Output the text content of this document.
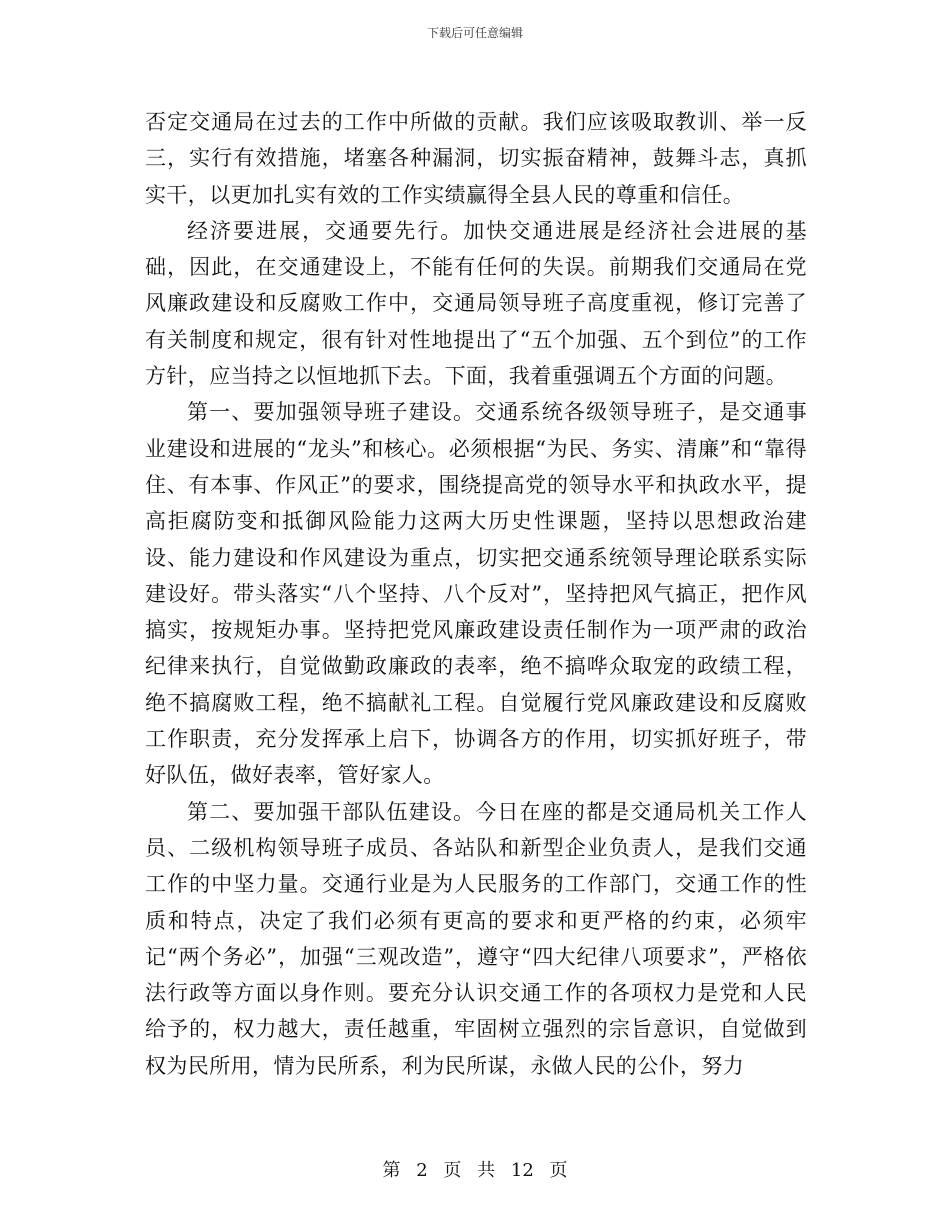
下载后可任意编辑

否定交通局在过去的工作中所做的贡献。我们应该吸取教训、举一反三，实行有效措施，堵塞各种漏洞，切实振奋精神，鼓舞斗志，真抓实干，以更加扎实有效的工作实绩赢得全县人民的尊重和信任。

经济要进展，交通要先行。加快交通进展是经济社会进展的基础，因此，在交通建设上，不能有任何的失误。前期我们交通局在党风廉政建设和反腐败工作中，交通局领导班子高度重视，修订完善了有关制度和规定，很有针对性地提出了“五个加强、五个到位”的工作方针，应当持之以恒地抓下去。下面，我着重强调五个方面的问题。

第一、要加强领导班子建设。交通系统各级领导班子，是交通事业建设和进展的“龙头”和核心。必须根据“为民、务实、清廉”和“靠得住、有本事、作风正”的要求，围绕提高党的领导水平和执政水平，提高拒腐防变和抵御风险能力这两大历史性课题，坚持以思想政治建设、能力建设和作风建设为重点，切实把交通系统领导理论联系实际建设好。带头落实“八个坚持、八个反对”，坚持把风气搞正，把作风搞实，按规矩办事。坚持把党风廉政建设责任制作为一项严肃的政治纪律来执行，自觉做勤政廉政的表率，绝不搞哗众取宠的政绩工程，绝不搞腐败工程，绝不搞献礼工程。自觉履行党风廉政建设和反腐败工作职责，充分发挥承上启下，协调各方的作用，切实抓好班子，带好队伍，做好表率，管好家人。

第二、要加强干部队伍建设。今日在座的都是交通局机关工作人员、二级机构领导班子成员、各站队和新型企业负责人，是我们交通工作的中坚力量。交通行业是为人民服务的工作部门，交通工作的性质和特点，决定了我们必须有更高的要求和更严格的约束，必须牢记“两个务必”，加强“三观改造”，遵守“四大纪律八项要求”，严格依法行政等方面以身作则。要充分认识交通工作的各项权力是党和人民给予的，权力越大，责任越重，牢固树立强烈的宗旨意识，自觉做到权为民所用，情为民所系，利为民所谋，永做人民的公仆，努力

第 2 页 共 12 页
